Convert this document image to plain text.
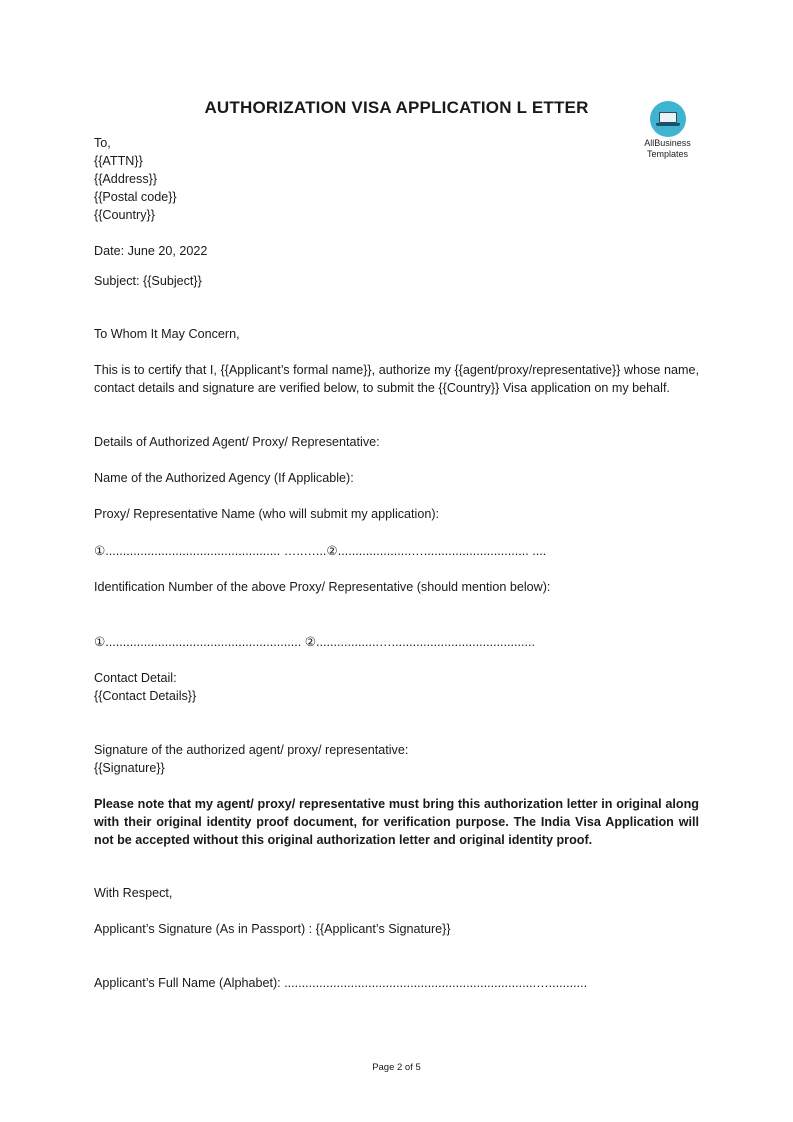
AUTHORIZATION VISA APPLICATION L ETTER
AllBusiness
Templates
To,
{{ATTN}}
{{Address}}
{{Postal code}}
{{Country}}
Date: June 20, 2022
Subject: {{Subject}}
To Whom It May Concern,
This is to certify that I, {{Applicant’s formal name}}, authorize my {{agent/proxy/representative}} whose name, contact details and signature are verified below, to submit the {{Country}} Visa application on my behalf.
Details of Authorized Agent/ Proxy/ Representative:
Name of the Authorized Agency (If Applicable):
Proxy/ Representative Name (who will submit my application):
①.................................................. …..…...②.....................….............................. ....
Identification Number of the above Proxy/ Representative (should mention below):
①........................................................ ②..................….........................................
Contact Detail:
{{Contact Details}}
Signature of the authorized agent/ proxy/ representative:
{{Signature}}
Please note that my agent/ proxy/ representative must bring this authorization letter in original along with their original identity proof document, for verification purpose. The India Visa Application will not be accepted without this original authorization letter and original identity proof.
With Respect,
Applicant’s Signature (As in Passport) : {{Applicant’s Signature}}
Applicant’s Full Name (Alphabet): ........................................................................…...........
Page 2 of 5
